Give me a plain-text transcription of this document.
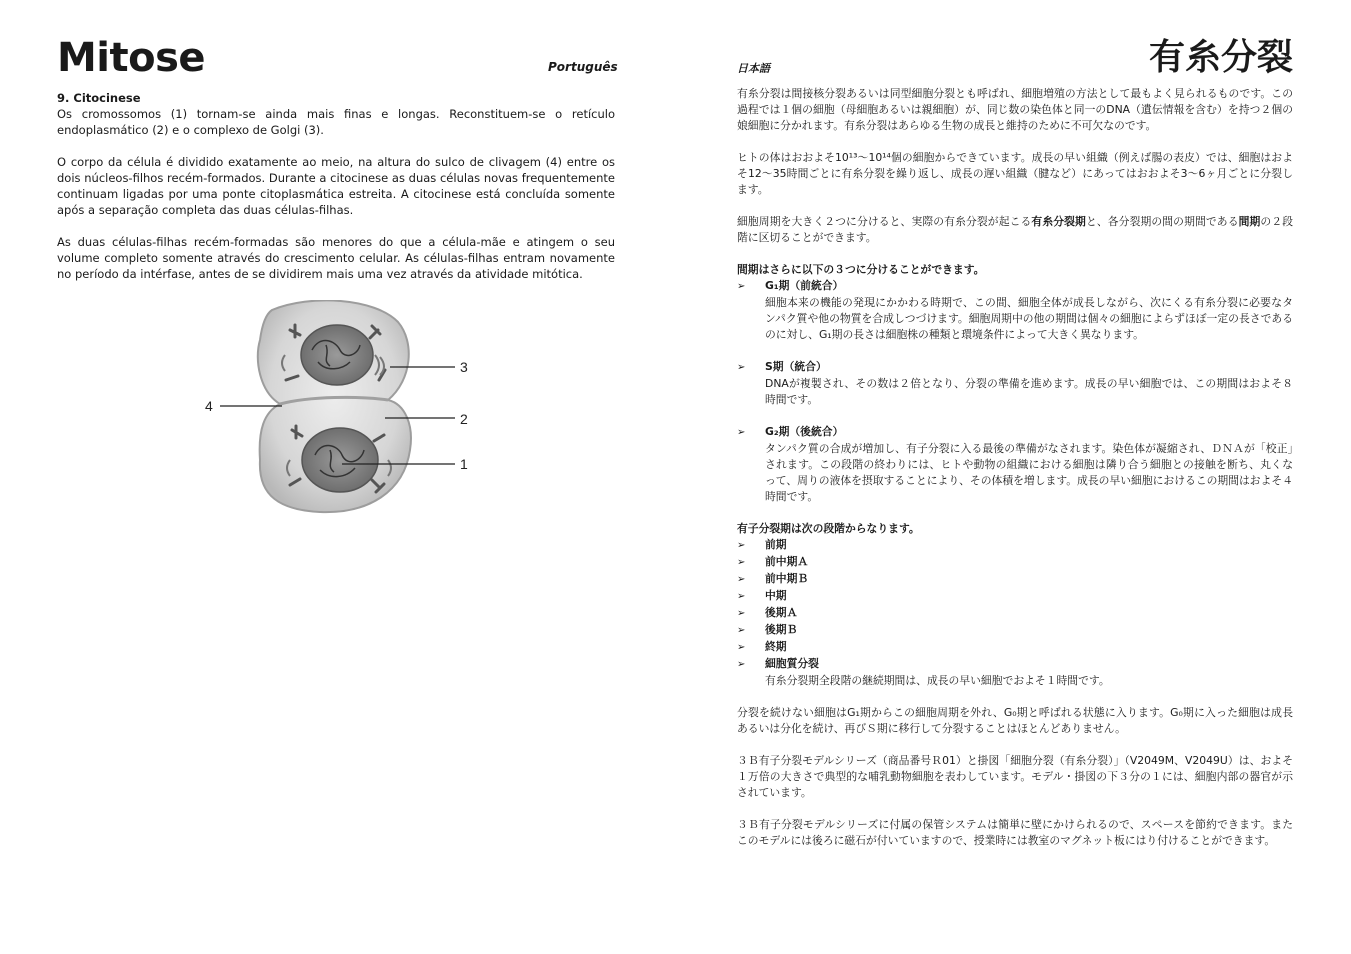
Mitose	Português

9. Citocinese

Os cromossomos (1) tornam-se ainda mais finas e longas. Reconstituem-se o retículo endoplasmático (2) e o complexo de Golgi (3).

O corpo da célula é dividido exatamente ao meio, na altura do sulco de clivagem (4) entre os dois núcleos-filhos recém-formados. Durante a citocinese as duas células novas frequentemente continuam ligadas por uma ponte citoplasmática estreita. A citocinese está concluída somente após a separação completa das duas células-filhas.

As duas células-filhas recém-formadas são menores do que a célula-mãe e atingem o seu volume completo somente através do crescimento celular. As células-filhas entram novamente no período da intérfase, antes de se dividirem mais uma vez através da atividade mitótica.

3
2
1
4
日本語	有糸分裂

有糸分裂は間接核分裂あるいは同型細胞分裂とも呼ばれ、細胞増殖の方法として最もよく見られるものです。この過程では１個の細胞（母細胞あるいは親細胞）が、同じ数の染色体と同一のDNA（遺伝情報を含む）を持つ２個の娘細胞に分かれます。有糸分裂はあらゆる生物の成長と維持のために不可欠なのです。

ヒトの体はおおよそ10¹³～10¹⁴個の細胞からできています。成長の早い組織（例えば腸の表皮）では、細胞はおよそ12～35時間ごとに有糸分裂を繰り返し、成長の遅い組織（腱など）にあってはおおよそ3～6ヶ月ごとに分裂します。

細胞周期を大きく２つに分けると、実際の有糸分裂が起こる有糸分裂期と、各分裂期の間の期間である間期の２段階に区切ることができます。

間期はさらに以下の３つに分けることができます。

➢	G₁期（前統合）
細胞本来の機能の発現にかかわる時期で、この間、細胞全体が成長しながら、次にくる有糸分裂に必要なタンパク質や他の物質を合成しつづけます。細胞周期中の他の期間は個々の細胞によらずほぼ一定の長さであるのに対し、G₁期の長さは細胞株の種類と環境条件によって大きく異なります。
➢	S期（統合）
DNAが複製され、その数は２倍となり、分裂の準備を進めます。成長の早い細胞では、この期間はおよそ８時間です。
➢	G₂期（後統合）
タンパク質の合成が増加し、有子分裂に入る最後の準備がなされます。染色体が凝縮され、ＤＮＡが「校正」されます。この段階の終わりには、ヒトや動物の組織における細胞は隣り合う細胞との接触を断ち、丸くなって、周りの液体を摂取することにより、その体積を増します。成長の早い細胞におけるこの期間はおよそ４時間です。

有子分裂期は次の段階からなります。

➢	前期
➢	前中期Ａ
➢	前中期Ｂ
➢	中期
➢	後期Ａ
➢	後期Ｂ
➢	終期
➢	細胞質分裂
有糸分裂期全段階の継続期間は、成長の早い細胞でおよそ１時間です。

分裂を続けない細胞はG₁期からこの細胞周期を外れ、G₀期と呼ばれる状態に入ります。G₀期に入った細胞は成長あるいは分化を続け、再びＳ期に移行して分裂することはほとんどありません。

３Ｂ有子分裂モデルシリーズ（商品番号Ｒ01）と掛図「細胞分裂（有糸分裂）」（V2049M、V2049U）は、およそ１万倍の大きさで典型的な哺乳動物細胞を表わしています。モデル・掛図の下３分の１には、細胞内部の器官が示されています。

３Ｂ有子分裂モデルシリーズに付属の保管システムは簡単に壁にかけられるので、スペースを節約できます。またこのモデルには後ろに磁石が付いていますので、授業時には教室のマグネット板にはり付けることができます。
